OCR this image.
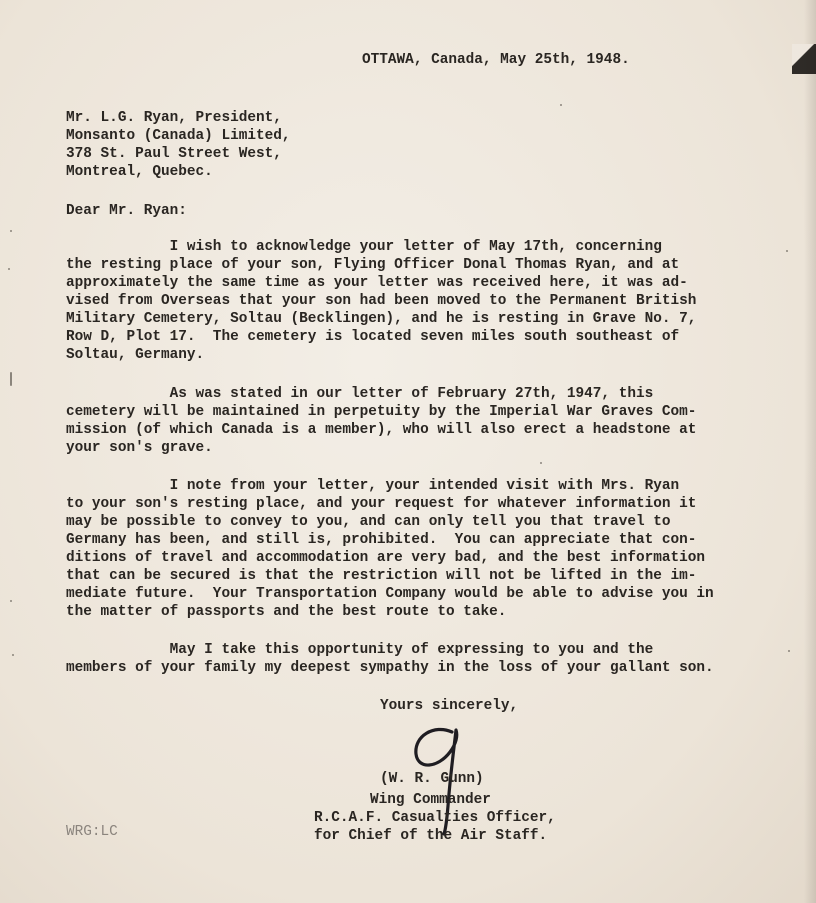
OTTAWA, Canada, May 25th, 1948.
Mr. L.G. Ryan, President,
Monsanto (Canada) Limited,
378 St. Paul Street West,
Montreal, Quebec.
Dear Mr. Ryan:
I wish to acknowledge your letter of May 17th, concerning
the resting place of your son, Flying Officer Donal Thomas Ryan, and at
approximately the same time as your letter was received here, it was ad-
vised from Overseas that your son had been moved to the Permanent British
Military Cemetery, Soltau (Becklingen), and he is resting in Grave No. 7,
Row D, Plot 17.  The cemetery is located seven miles south southeast of
Soltau, Germany.
As was stated in our letter of February 27th, 1947, this
cemetery will be maintained in perpetuity by the Imperial War Graves Com-
mission (of which Canada is a member), who will also erect a headstone at
your son's grave.
I note from your letter, your intended visit with Mrs. Ryan
to your son's resting place, and your request for whatever information it
may be possible to convey to you, and can only tell you that travel to
Germany has been, and still is, prohibited.  You can appreciate that con-
ditions of travel and accommodation are very bad, and the best information
that can be secured is that the restriction will not be lifted in the im-
mediate future.  Your Transportation Company would be able to advise you in
the matter of passports and the best route to take.
May I take this opportunity of expressing to you and the
members of your family my deepest sympathy in the loss of your gallant son.
Yours sincerely,
(W. R. Gunn)
Wing Commander
R.C.A.F. Casualties Officer,
for Chief of the Air Staff.
WRG:LC
